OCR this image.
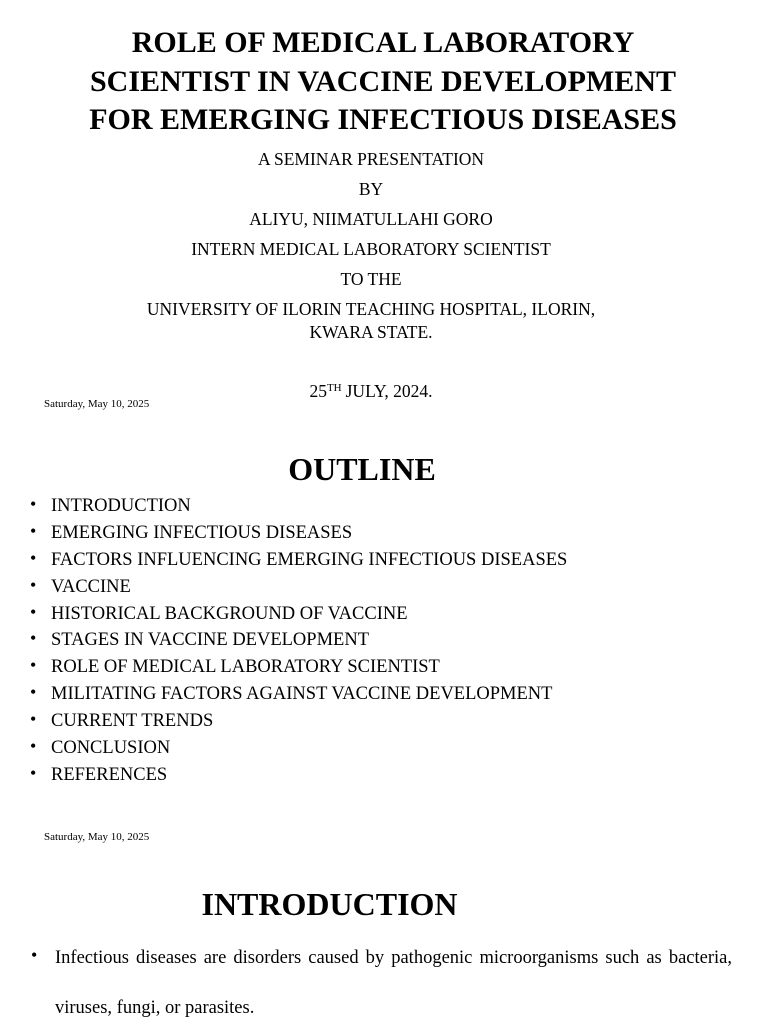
ROLE OF MEDICAL LABORATORY
SCIENTIST IN VACCINE DEVELOPMENT
FOR EMERGING INFECTIOUS DISEASES
A SEMINAR PRESENTATION
BY
ALIYU, NIIMATULLAHI GORO
INTERN MEDICAL LABORATORY SCIENTIST
TO THE
UNIVERSITY OF ILORIN TEACHING HOSPITAL, ILORIN,
KWARA STATE.
25TH JULY, 2024.
Saturday, May 10, 2025
OUTLINE
•
INTRODUCTION
•
EMERGING INFECTIOUS DISEASES
•
FACTORS INFLUENCING EMERGING INFECTIOUS DISEASES
•
VACCINE
•
HISTORICAL BACKGROUND OF VACCINE
•
STAGES IN VACCINE DEVELOPMENT
•
ROLE OF MEDICAL LABORATORY SCIENTIST
•
MILITATING FACTORS AGAINST VACCINE DEVELOPMENT
•
CURRENT TRENDS
•
CONCLUSION
•
REFERENCES
Saturday, May 10, 2025
INTRODUCTION
•

Infectious diseases are disorders caused by pathogenic microorganisms such as bacteria, viruses, fungi, or parasites.
